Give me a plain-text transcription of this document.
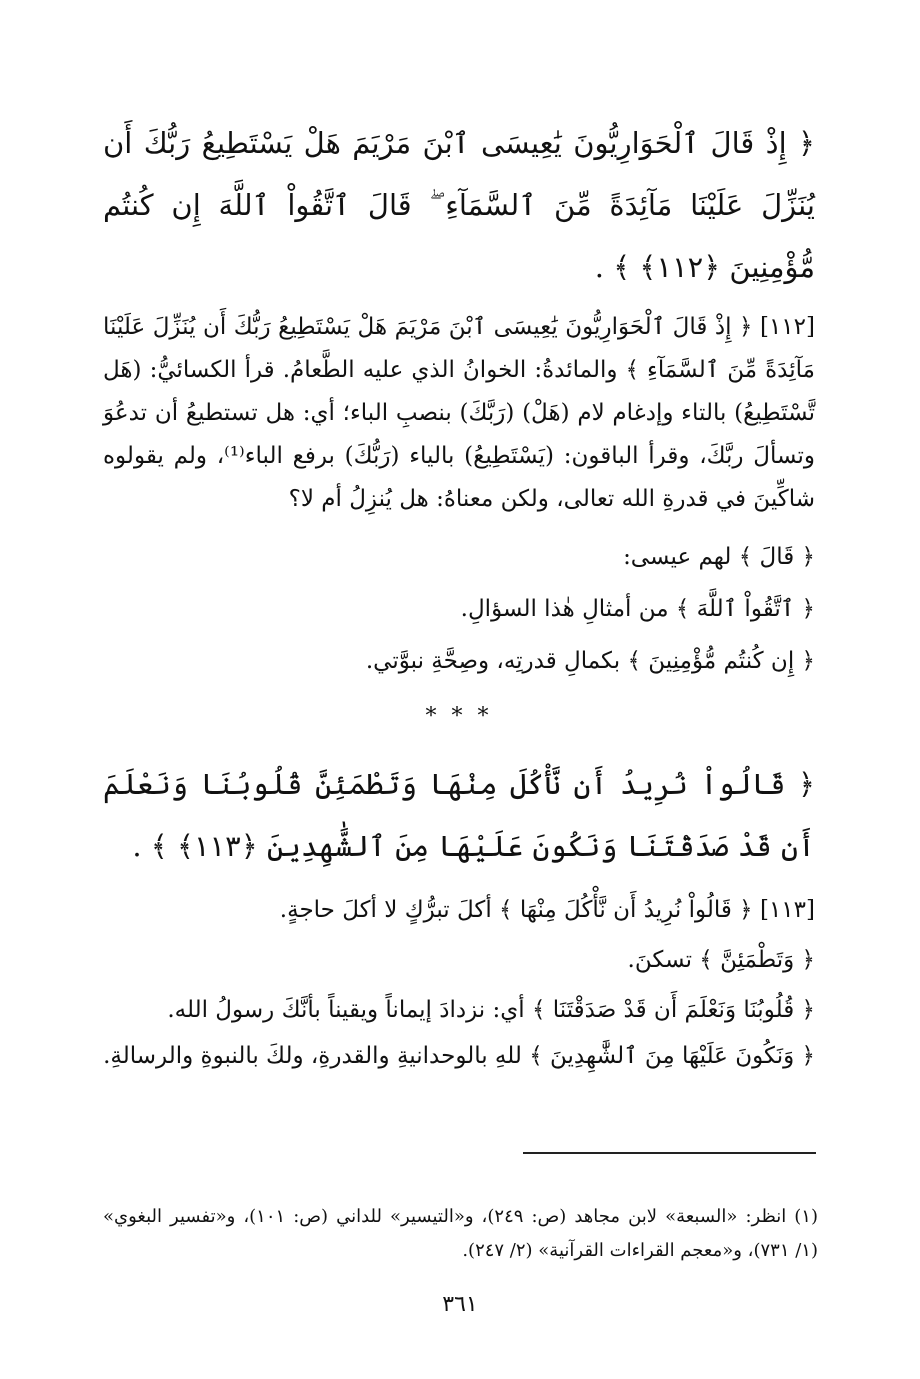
﴿ إِذْ قَالَ ٱلْحَوَارِيُّونَ يَٰعِيسَى ٱبْنَ مَرْيَمَ هَلْ يَسْتَطِيعُ رَبُّكَ أَن يُنَزِّلَ عَلَيْنَا مَآئِدَةً مِّنَ ٱلسَّمَآءِ ۖ قَالَ ٱتَّقُواْ ٱللَّهَ إِن كُنتُم مُّؤْمِنِينَ ﴿١١٢﴾ ﴾ .

[١١٢] ﴿ إِذْ قَالَ ٱلْحَوَارِيُّونَ يَٰعِيسَى ٱبْنَ مَرْيَمَ هَلْ يَسْتَطِيعُ رَبُّكَ أَن يُنَزِّلَ عَلَيْنَا مَآئِدَةً مِّنَ ٱلسَّمَآءِ ﴾ والمائدةُ: الخوانُ الذي عليه الطَّعامُ. قرأ الكسائيُّ: (هَل تَّسْتَطِيعُ) بالتاء وإدغام لام (هَلْ) (رَبَّكَ) بنصبِ الباء؛ أي: هل تستطيعُ أن تدعُوَ وتسألَ ربَّكَ، وقرأ الباقون: (يَسْتَطِيعُ) بالياء (رَبُّكَ) برفع الباء⁽¹⁾، ولم يقولوه شاكِّينَ في قدرةِ الله تعالى، ولكن معناهُ: هل يُنزِلُ أم لا؟

﴿ قَالَ ﴾ لهم عيسى:

﴿ ٱتَّقُواْ ٱللَّهَ ﴾ من أمثالِ هٰذا السؤالِ.

﴿ إِن كُنتُم مُّؤْمِنِينَ ﴾ بكمالِ قدرتِه، وصِحَّةِ نبوَّتي.

* * *

﴿ قَالُواْ نُرِيدُ أَن نَّأْكُلَ مِنْهَا وَتَطْمَئِنَّ قُلُوبُنَا وَنَعْلَمَ أَن قَدْ صَدَقْتَنَا وَنَكُونَ عَلَيْهَا مِنَ ٱلشَّٰهِدِينَ ﴿١١٣﴾ ﴾ .

[١١٣] ﴿ قَالُواْ نُرِيدُ أَن نَّأْكُلَ مِنْهَا ﴾ أكلَ تبرُّكٍ لا أكلَ حاجةٍ.

﴿ وَتَطْمَئِنَّ ﴾ تسكنَ.

﴿ قُلُوبُنَا وَنَعْلَمَ أَن قَدْ صَدَقْتَنَا ﴾ أي: نزدادَ إيماناً ويقيناً بأنَّكَ رسولُ الله.

﴿ وَنَكُونَ عَلَيْهَا مِنَ ٱلشَّٰهِدِينَ ﴾ للهِ بالوحدانيةِ والقدرةِ، ولكَ بالنبوةِ والرسالةِ.

(١) انظر: «السبعة» لابن مجاهد (ص: ٢٤٩)، و«التيسير» للداني (ص: ١٠١)، و«تفسير البغوي» (١/ ٧٣١)، و«معجم القراءات القرآنية» (٢/ ٢٤٧).

٣٦١
